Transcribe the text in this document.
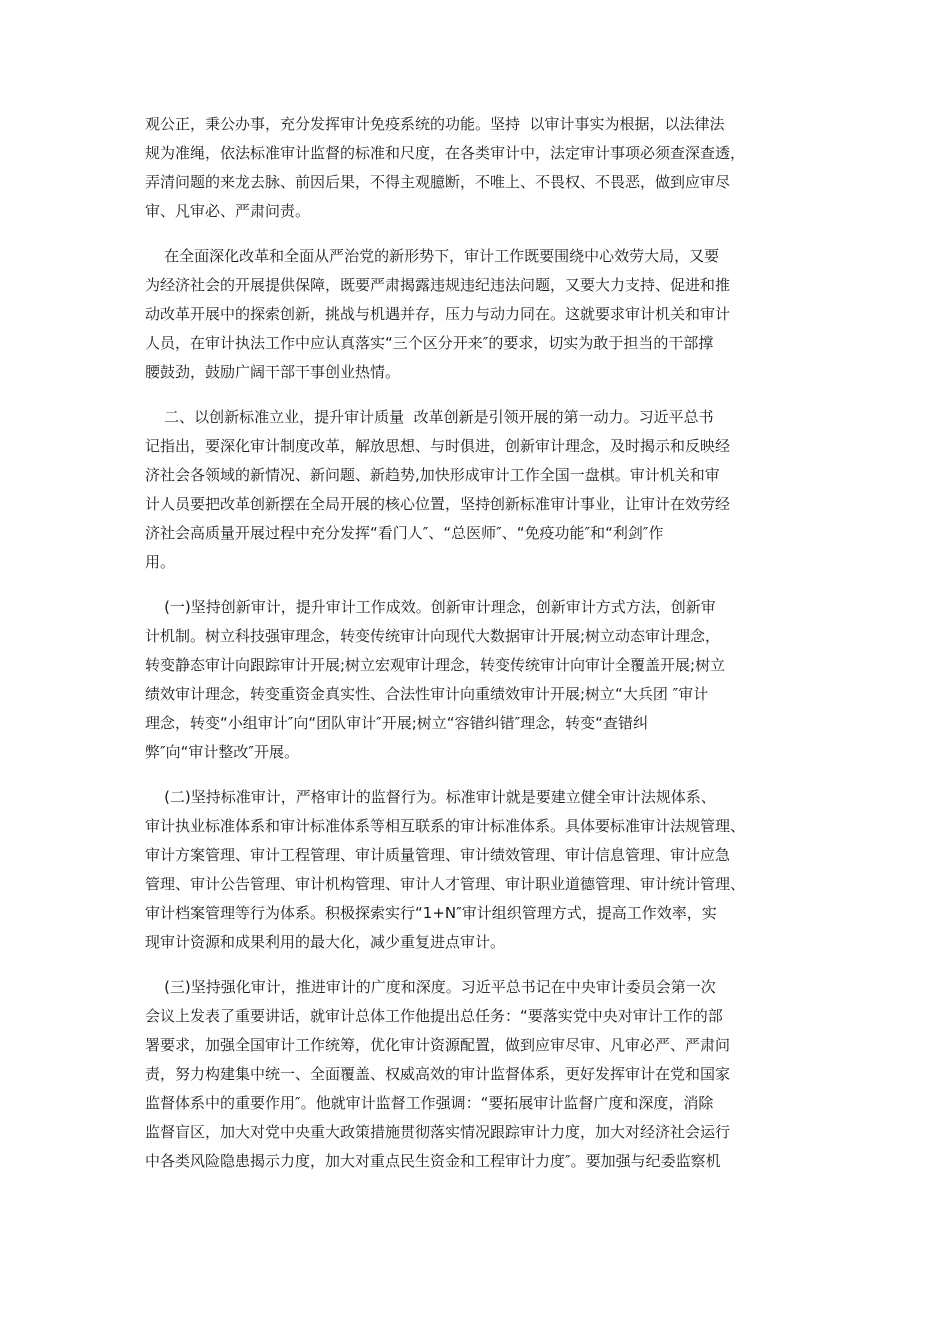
观公正，秉公办事，充分发挥审计免疫系统的功能。坚持  以审计事实为根据，以法律法
规为准绳，依法标准审计监督的标准和尺度，在各类审计中，法定审计事项必须查深查透，
弄清问题的来龙去脉、前因后果，不得主观臆断，不唯上、不畏权、不畏恶，做到应审尽
审、凡审必、严肃问责。
在全面深化改革和全面从严治党的新形势下，审计工作既要围绕中心效劳大局，又要
为经济社会的开展提供保障，既要严肃揭露违规违纪违法问题，又要大力支持、促进和推
动改革开展中的探索创新，挑战与机遇并存，压力与动力同在。这就要求审计机关和审计
人员，在审计执法工作中应认真落实“三个区分开来″的要求，切实为敢于担当的干部撑
腰鼓劲，鼓励广阔干部干事创业热情。
二、以创新标准立业，提升审计质量  改革创新是引领开展的第一动力。习近平总书
记指出，要深化审计制度改革，解放思想、与时俱进，创新审计理念，及时揭示和反映经
济社会各领域的新情况、新问题、新趋势,加快形成审计工作全国一盘棋。审计机关和审
计人员要把改革创新摆在全局开展的核心位置，坚持创新标准审计事业，让审计在效劳经
济社会高质量开展过程中充分发挥“看门人″、“总医师″、“免疫功能″和“利剑″作
用。
(一)坚持创新审计，提升审计工作成效。创新审计理念，创新审计方式方法，创新审
计机制。树立科技强审理念，转变传统审计向现代大数据审计开展;树立动态审计理念，
转变静态审计向跟踪审计开展;树立宏观审计理念，转变传统审计向审计全覆盖开展;树立
绩效审计理念，转变重资金真实性、合法性审计向重绩效审计开展;树立“大兵团 ″审计
理念，转变“小组审计″向“团队审计″开展;树立“容错纠错″理念，转变“查错纠
弊″向“审计整改″开展。
(二)坚持标准审计，严格审计的监督行为。标准审计就是要建立健全审计法规体系、
审计执业标准体系和审计标准体系等相互联系的审计标准体系。具体要标准审计法规管理、
审计方案管理、审计工程管理、审计质量管理、审计绩效管理、审计信息管理、审计应急
管理、审计公告管理、审计机构管理、审计人才管理、审计职业道德管理、审计统计管理、
审计档案管理等行为体系。积极探索实行“1+N″审计组织管理方式，提高工作效率，实
现审计资源和成果利用的最大化，减少重复进点审计。
(三)坚持强化审计，推进审计的广度和深度。习近平总书记在中央审计委员会第一次
会议上发表了重要讲话，就审计总体工作他提出总任务：“要落实党中央对审计工作的部
署要求，加强全国审计工作统筹，优化审计资源配置，做到应审尽审、凡审必严、严肃问
责，努力构建集中统一、全面覆盖、权威高效的审计监督体系，更好发挥审计在党和国家
监督体系中的重要作用″。他就审计监督工作强调：“要拓展审计监督广度和深度，消除
监督盲区，加大对党中央重大政策措施贯彻落实情况跟踪审计力度，加大对经济社会运行
中各类风险隐患揭示力度，加大对重点民生资金和工程审计力度″。要加强与纪委监察机
